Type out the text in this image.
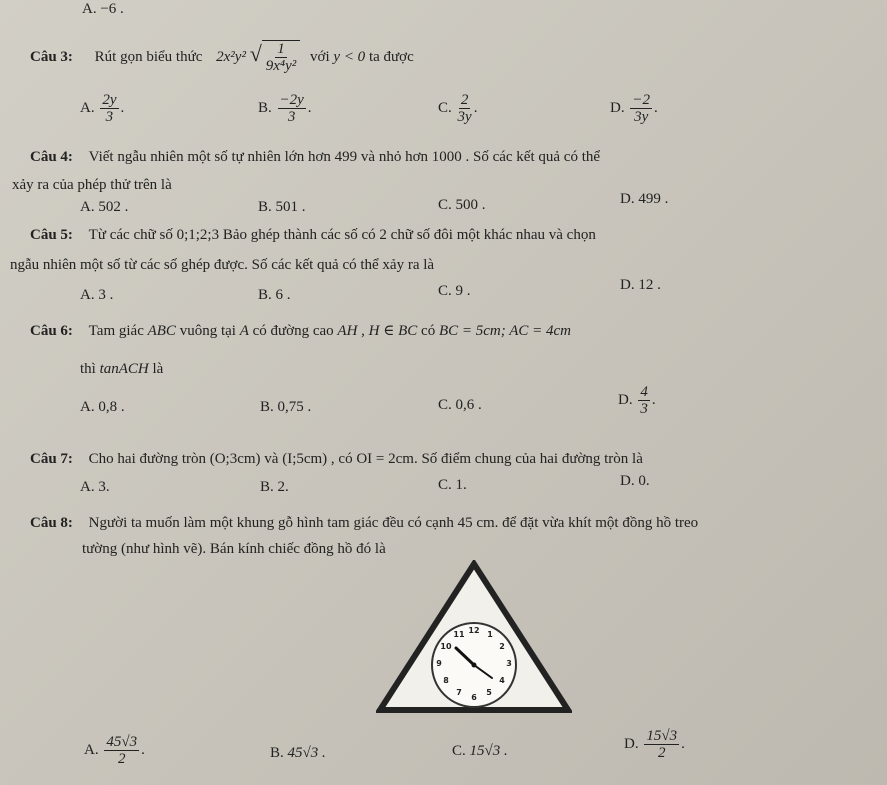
A. −6 .
Câu 3: Rút gọn biểu thức 2x²y² √ $\frac{1}{\text{9x⁴y²}}$ với y < 0 ta được
A. $\frac{2y}{3}$ .	B. $\frac{-2y}{3}$ .	C. $\frac{2}{3y}$ .	D. $\frac{-2}{3y}$ .
Câu 4: Viết ngẫu nhiên một số tự nhiên lớn hơn 499 và nhỏ hơn 1000 . Số các kết quả có thể
xảy ra của phép thử trên là
A. 502 .	B. 501 .	C. 500 .	D. 499 .
Câu 5: Từ các chữ số 0;1;2;3 Bảo ghép thành các số có 2 chữ số đôi một khác nhau và chọn
ngẫu nhiên một số từ các số ghép được. Số các kết quả có thể xảy ra là
A. 3 .	B. 6 .	C. 9 .	D. 12 .
Câu 6: Tam giác ABC vuông tại A có đường cao AH , H ∈ BC có BC = 5cm; AC = 4cm
thì tanACH là
A. 0,8 .	B. 0,75 .	C. 0,6 .	D. $\frac{4}{3}$ .
Câu 7: Cho hai đường tròn (O;3cm) và (I;5cm) , có OI = 2cm. Số điểm chung của hai đường tròn là
A. 3.	B. 2.	C. 1.	D. 0.
Câu 8: Người ta muốn làm một khung gỗ hình tam giác đều có cạnh 45 cm. để đặt vừa khít một đồng hồ treo
tường (như hình vẽ). Bán kính chiếc đồng hồ đó là
11 12 1
10	2
9	3
8	4
7
6
5
A. $\frac{45√3}{2}$ .	B. 45√3 .	C. 15√3 .	D. $\frac{15√3}{2}$ .
